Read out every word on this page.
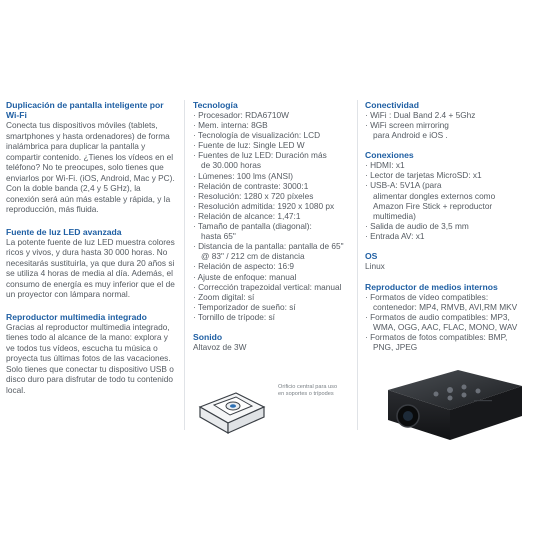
Duplicación de pantalla inteligente por Wi-Fi

Conecta tus dispositivos móviles (tablets, smartphones y hasta ordenadores) de forma inalámbrica para duplicar la pantalla y compartir contenido. ¿Tienes los vídeos en el teléfono? No te preocupes, solo tienes que enviarlos por Wi-Fi. (iOS, Android, Mac y PC). Con la doble banda (2,4 y 5 GHz), la conexión será aún más estable y rápida, y la reproducción, más fluida.

Fuente de luz LED avanzada

La potente fuente de luz LED muestra colores ricos y vivos, y dura hasta 30 000 horas. No necesitarás sustituirla, ya que dura 20 años si se utiliza 4 horas de media al día. Además, el consumo de energía es muy inferior que el de un proyector con lámpara normal.

Reproductor multimedia integrado

Gracias al reproductor multimedia integrado, tienes todo al alcance de la mano: explora y ve todos tus vídeos, escucha tu música o proyecta tus últimas fotos de las vacaciones. Solo tienes que conectar tu dispositivo USB o disco duro para disfrutar de todo tu contenido local.

Tecnología
· Procesador: RDA6710W
· Mem. interna: 8GB
· Tecnología de visualización: LCD
· Fuente de luz: Single LED W
· Fuentes de luz LED: Duración más
de 30.000 horas
· Lúmenes: 100 lms (ANSI)
· Relación de contraste: 3000:1
· Resolución: 1280 x 720 píxeles
· Resolución admitida: 1920 x 1080 px
· Relación de alcance: 1,47:1
· Tamaño de pantalla (diagonal):
hasta 65"
· Distancia de la pantalla: pantalla de 65"
@ 83" / 212 cm de distancia
· Relación de aspecto: 16:9
· Ajuste de enfoque: manual
· Corrección trapezoidal vertical: manual
· Zoom digital: sí
· Temporizador de sueño: sí
· Tornillo de trípode: sí
Sonido

Altavoz de 3W

Conectividad
· WiFi : Dual Band 2.4 + 5Ghz
· WiFi screen mirroring
para Android e iOS .
Conexiones
· HDMI: x1
· Lector de tarjetas MicroSD: x1
· USB-A: 5V1A (para
alimentar dongles externos como
Amazon Fire Stick + reproductor
multimedia)
· Salida de audio de 3,5 mm
· Entrada AV: x1
OS

Linux

Reproductor de medios internos
· Formatos de vídeo compatibles:
contenedor: MP4, RMVB, AVI,RM MKV
· Formatos de audio compatibles: MP3,
WMA, OGG, AAC, FLAC, MONO, WAV
· Formatos de fotos compatibles: BMP,
PNG, JPEG
Orificio central para uso en soportes o trípodes
